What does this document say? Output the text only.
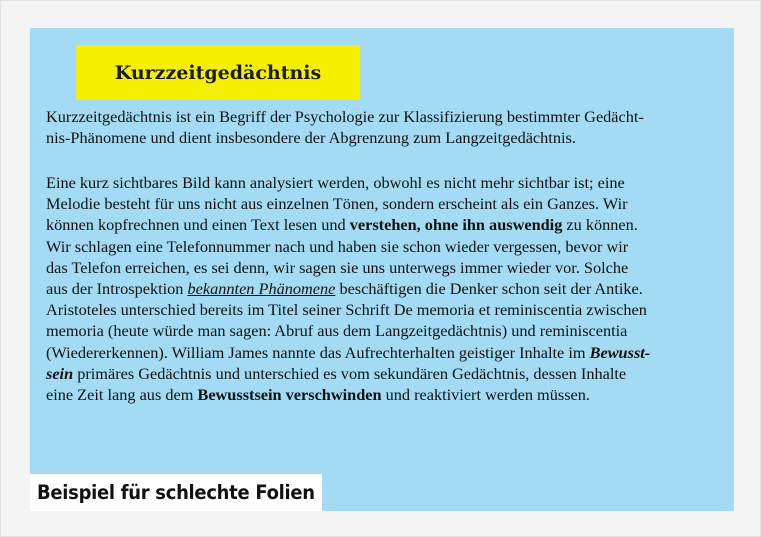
Kurzzeitgedächtnis

Kurzzeitgedächtnis ist ein Begriff der Psychologie zur Klassifizierung bestimmter Gedächt-
nis-Phänomene und dient insbesondere der Abgrenzung zum Langzeitgedächtnis.

Eine kurz sichtbares Bild kann analysiert werden, obwohl es nicht mehr sichtbar ist; eine
Melodie besteht für uns nicht aus einzelnen Tönen, sondern erscheint als ein Ganzes. Wir
können kopfrechnen und einen Text lesen und verstehen, ohne ihn auswendig zu können.
Wir schlagen eine Telefonnummer nach und haben sie schon wieder vergessen, bevor wir
das Telefon erreichen, es sei denn, wir sagen sie uns unterwegs immer wieder vor. Solche
aus der Introspektion bekannten Phänomene beschäftigen die Denker schon seit der Antike.
Aristoteles unterschied bereits im Titel seiner Schrift De memoria et reminiscentia zwischen
memoria (heute würde man sagen: Abruf aus dem Langzeitgedächtnis) und reminiscentia
(Wiedererkennen). William James nannte das Aufrechterhalten geistiger Inhalte im Bewusst-
sein primäres Gedächtnis und unterschied es vom sekundären Gedächtnis, dessen Inhalte
eine Zeit lang aus dem Bewusstsein verschwinden und reaktiviert werden müssen.

Beispiel für schlechte Folien
